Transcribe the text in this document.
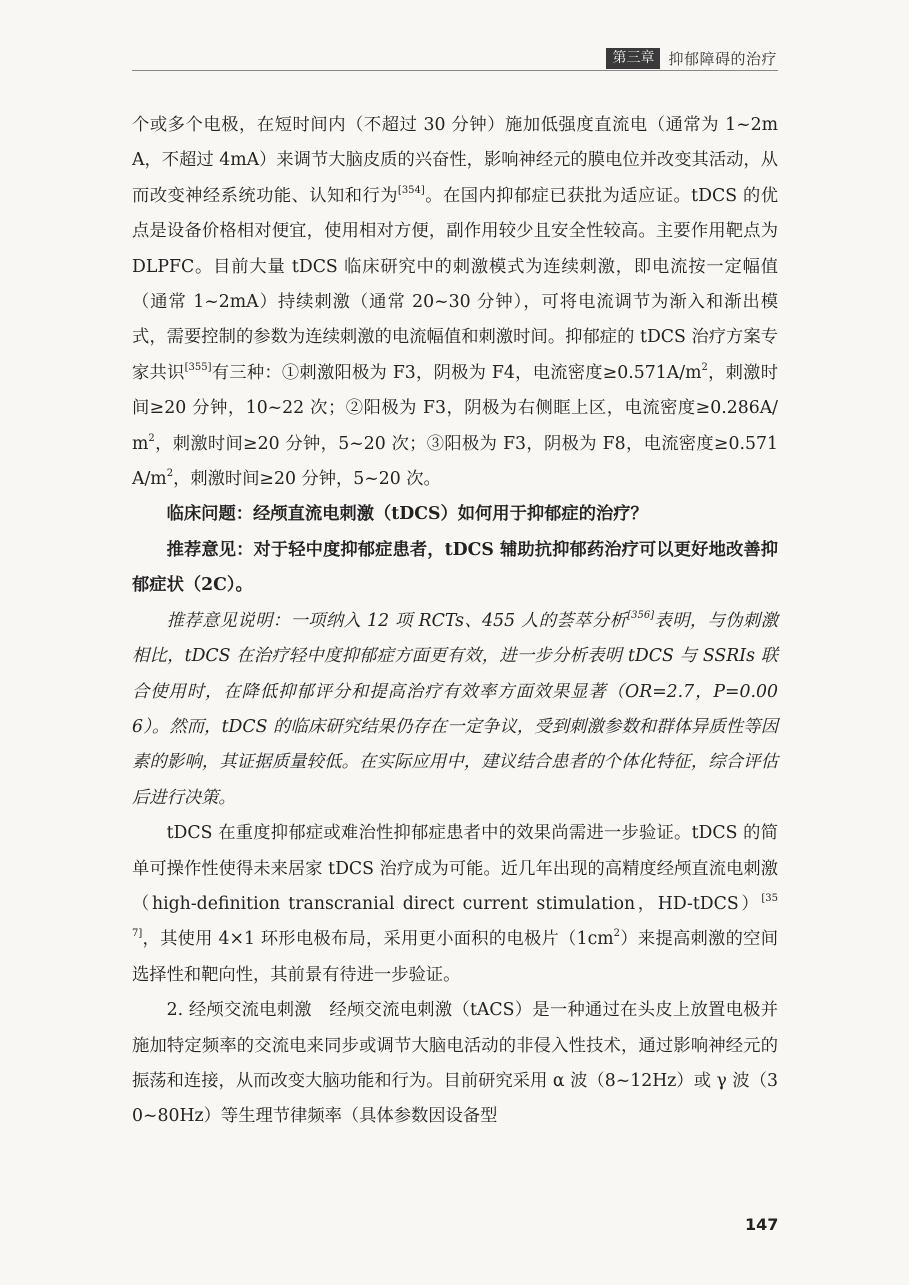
第三章 抑郁障碍的治疗

个或多个电极，在短时间内（不超过 30 分钟）施加低强度直流电（通常为 1~2mA，不超过 4mA）来调节大脑皮质的兴奋性，影响神经元的膜电位并改变其活动，从而改变神经系统功能、认知和行为[354]。在国内抑郁症已获批为适应证。tDCS 的优点是设备价格相对便宜，使用相对方便，副作用较少且安全性较高。主要作用靶点为 DLPFC。目前大量 tDCS 临床研究中的刺激模式为连续刺激，即电流按一定幅值（通常 1~2mA）持续刺激（通常 20~30 分钟），可将电流调节为渐入和渐出模式，需要控制的参数为连续刺激的电流幅值和刺激时间。抑郁症的 tDCS 治疗方案专家共识[355]有三种：①刺激阳极为 F3，阴极为 F4，电流密度$\ge 0.571A/m^2$，刺激时间≥20 分钟，10~22 次；②阳极为 F3，阴极为右侧眶上区，电流密度$\ge 0.286A/m^2$，刺激时间≥20 分钟，5~20 次；③阳极为 F3，阴极为 F8，电流密度$\ge 0.571A/m^2$，刺激时间≥20 分钟，5~20 次。

临床问题：经颅直流电刺激（tDCS）如何用于抑郁症的治疗？

推荐意见：对于轻中度抑郁症患者，tDCS 辅助抗抑郁药治疗可以更好地改善抑郁症状（2C）。

推荐意见说明：一项纳入 12 项 RCTs、455 人的荟萃分析[356]表明，与伪刺激相比，tDCS 在治疗轻中度抑郁症方面更有效，进一步分析表明 tDCS 与 SSRIs 联合使用时，在降低抑郁评分和提高治疗有效率方面效果显著（OR=2.7，P=0.006）。然而，tDCS 的临床研究结果仍存在一定争议，受到刺激参数和群体异质性等因素的影响，其证据质量较低。在实际应用中，建议结合患者的个体化特征，综合评估后进行决策。

tDCS 在重度抑郁症或难治性抑郁症患者中的效果尚需进一步验证。tDCS 的简单可操作性使得未来居家 tDCS 治疗成为可能。近几年出现的高精度经颅直流电刺激（high-definition transcranial direct current stimulation，HD-tDCS）[357]，其使用 4×1 环形电极布局，采用更小面积的电极片$(1cm^2)$来提高刺激的空间选择性和靶向性，其前景有待进一步验证。

2. 经颅交流电刺激　经颅交流电刺激（tACS）是一种通过在头皮上放置电极并施加特定频率的交流电来同步或调节大脑电活动的非侵入性技术，通过影响神经元的振荡和连接，从而改变大脑功能和行为。目前研究采用 α 波（8~12Hz）或 γ 波（30~80Hz）等生理节律频率（具体参数因设备型

147
